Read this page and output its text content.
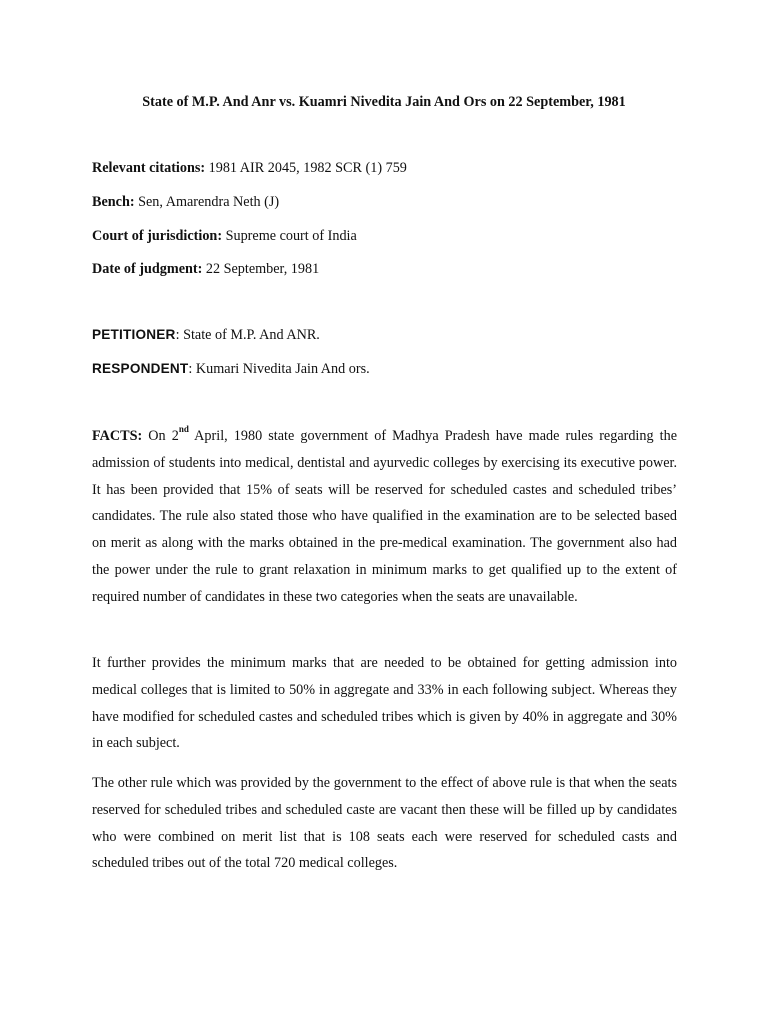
State of M.P. And Anr vs. Kuamri Nivedita Jain And Ors on 22 September, 1981
Relevant citations: 1981 AIR 2045, 1982 SCR (1) 759
Bench: Sen, Amarendra Neth (J)
Court of jurisdiction: Supreme court of India
Date of judgment: 22 September, 1981
PETITIONER: State of M.P. And ANR.
RESPONDENT: Kumari Nivedita Jain And ors.
FACTS: On 2nd April, 1980 state government of Madhya Pradesh have made rules regarding the admission of students into medical, dentistal and ayurvedic colleges by exercising its executive power. It has been provided that 15% of seats will be reserved for scheduled castes and scheduled tribes’ candidates. The rule also stated those who have qualified in the examination are to be selected based on merit as along with the marks obtained in the pre-medical examination. The government also had the power under the rule to grant relaxation in minimum marks to get qualified up to the extent of required number of candidates in these two categories when the seats are unavailable.
It further provides the minimum marks that are needed to be obtained for getting admission into medical colleges that is limited to 50% in aggregate and 33% in each following subject. Whereas they have modified for scheduled castes and scheduled tribes which is given by 40% in aggregate and 30% in each subject.
The other rule which was provided by the government to the effect of above rule is that when the seats reserved for scheduled tribes and scheduled caste are vacant then these will be filled up by candidates who were combined on merit list that is 108 seats each were reserved for scheduled casts and scheduled tribes out of the total 720 medical colleges.
